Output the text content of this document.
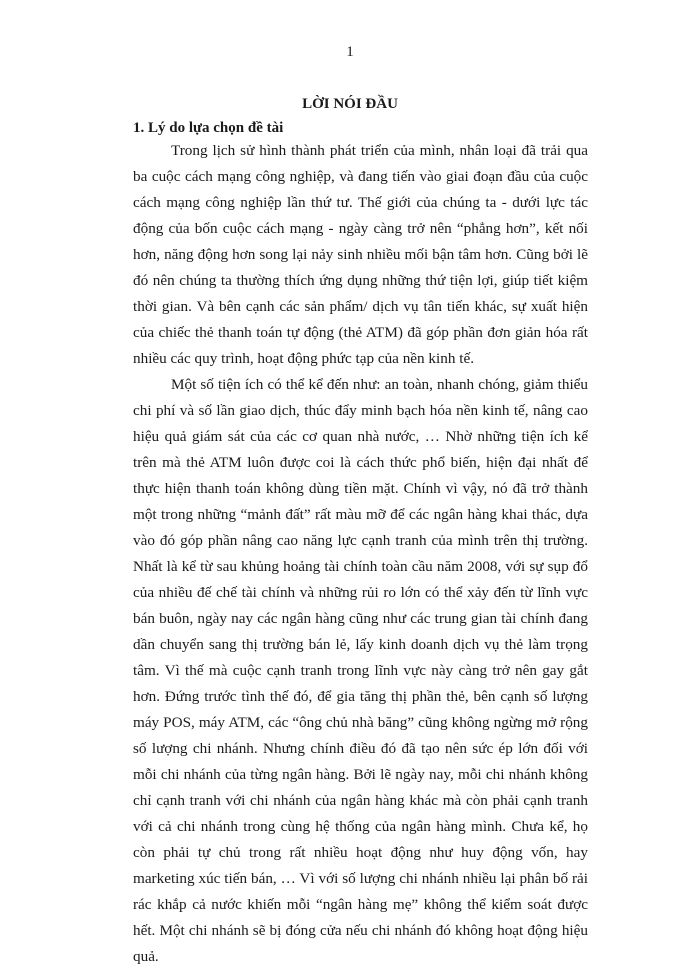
1
LỜI NÓI ĐẦU
1. Lý do lựa chọn đề tài

Trong lịch sử hình thành phát triển của mình, nhân loại đã trải qua ba cuộc cách mạng công nghiệp, và đang tiến vào giai đoạn đầu của cuộc cách mạng công nghiệp lần thứ tư. Thế giới của chúng ta - dưới lực tác động của bốn cuộc cách mạng - ngày càng trở nên “phẳng hơn”, kết nối hơn, năng động hơn song lại nảy sinh nhiều mối bận tâm hơn. Cũng bởi lẽ đó nên chúng ta thường thích ứng dụng những thứ tiện lợi, giúp tiết kiệm thời gian. Và bên cạnh các sản phẩm/ dịch vụ tân tiến khác, sự xuất hiện của chiếc thẻ thanh toán tự động (thẻ ATM) đã góp phần đơn giản hóa rất nhiều các quy trình, hoạt động phức tạp của nền kinh tế.

Một số tiện ích có thể kể đến như: an toàn, nhanh chóng, giảm thiểu chi phí và số lần giao dịch, thúc đẩy minh bạch hóa nền kinh tế, nâng cao hiệu quả giám sát của các cơ quan nhà nước, … Nhờ những tiện ích kể trên mà thẻ ATM luôn được coi là cách thức phổ biến, hiện đại nhất để thực hiện thanh toán không dùng tiền mặt. Chính vì vậy, nó đã trở thành một trong những “mảnh đất” rất màu mỡ để các ngân hàng khai thác, dựa vào đó góp phần nâng cao năng lực cạnh tranh của mình trên thị trường. Nhất là kể từ sau khủng hoảng tài chính toàn cầu năm 2008, với sự sụp đổ của nhiều đế chế tài chính và những rủi ro lớn có thể xảy đến từ lĩnh vực bán buôn, ngày nay các ngân hàng cũng như các trung gian tài chính đang dần chuyển sang thị trường bán lẻ, lấy kinh doanh dịch vụ thẻ làm trọng tâm. Vì thế mà cuộc cạnh tranh trong lĩnh vực này càng trở nên gay gắt hơn. Đứng trước tình thế đó, để gia tăng thị phần thẻ, bên cạnh số lượng máy POS, máy ATM, các “ông chủ nhà băng” cũng không ngừng mở rộng số lượng chi nhánh. Nhưng chính điều đó đã tạo nên sức ép lớn đối với mỗi chi nhánh của từng ngân hàng. Bởi lẽ ngày nay, mỗi chi nhánh không chỉ cạnh tranh với chi nhánh của ngân hàng khác mà còn phải cạnh tranh với cả chi nhánh trong cùng hệ thống của ngân hàng mình. Chưa kể, họ còn phải tự chủ trong rất nhiều hoạt động như huy động vốn, hay marketing xúc tiến bán, … Vì với số lượng chi nhánh nhiều lại phân bố rải rác khắp cả nước khiến mỗi “ngân hàng mẹ” không thể kiểm soát được hết. Một chi nhánh sẽ bị đóng cửa nếu chi nhánh đó không hoạt động hiệu quả.
